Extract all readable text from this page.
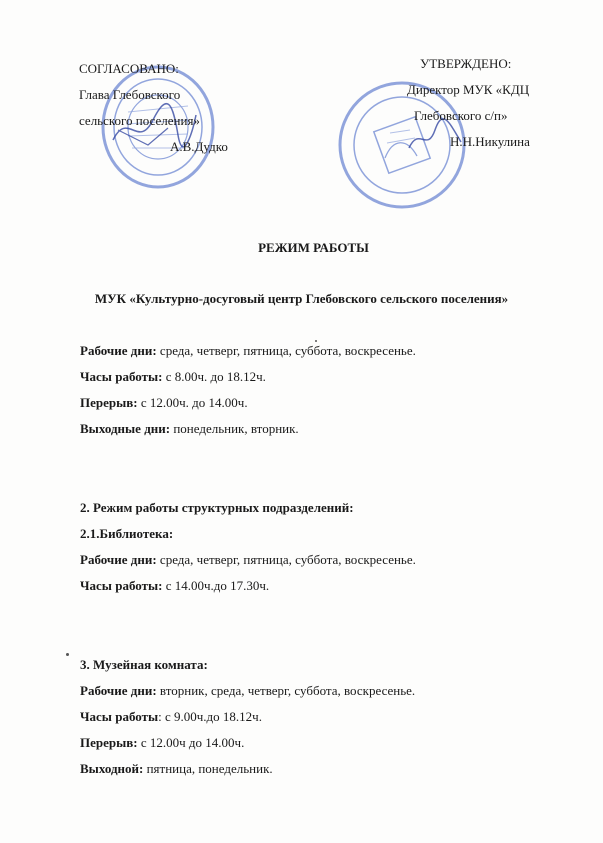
СОГЛАСОВАНО:
Глава Глебовского
сельского поселения»
А.В.Дудко
УТВЕРЖДЕНО:
Директор МУК «КДЦ
Глебовского с/п»
Н.Н.Никулина
РЕЖИМ РАБОТЫ
МУК «Культурно-досуговый центр Глебовского сельского поселения»
Рабочие дни: среда, четверг, пятница, суббота, воскресенье.
Часы работы: с 8.00ч. до 18.12ч.
Перерыв: с 12.00ч. до 14.00ч.
Выходные дни: понедельник, вторник.
2. Режим работы структурных подразделений:
2.1.Библиотека:
Рабочие дни: среда, четверг, пятница, суббота, воскресенье.
Часы работы: с 14.00ч.до 17.30ч.
3. Музейная комната:
Рабочие дни: вторник, среда, четверг, суббота, воскресенье.
Часы работы: с 9.00ч.до 18.12ч.
Перерыв: с 12.00ч до 14.00ч.
Выходной: пятница, понедельник.
